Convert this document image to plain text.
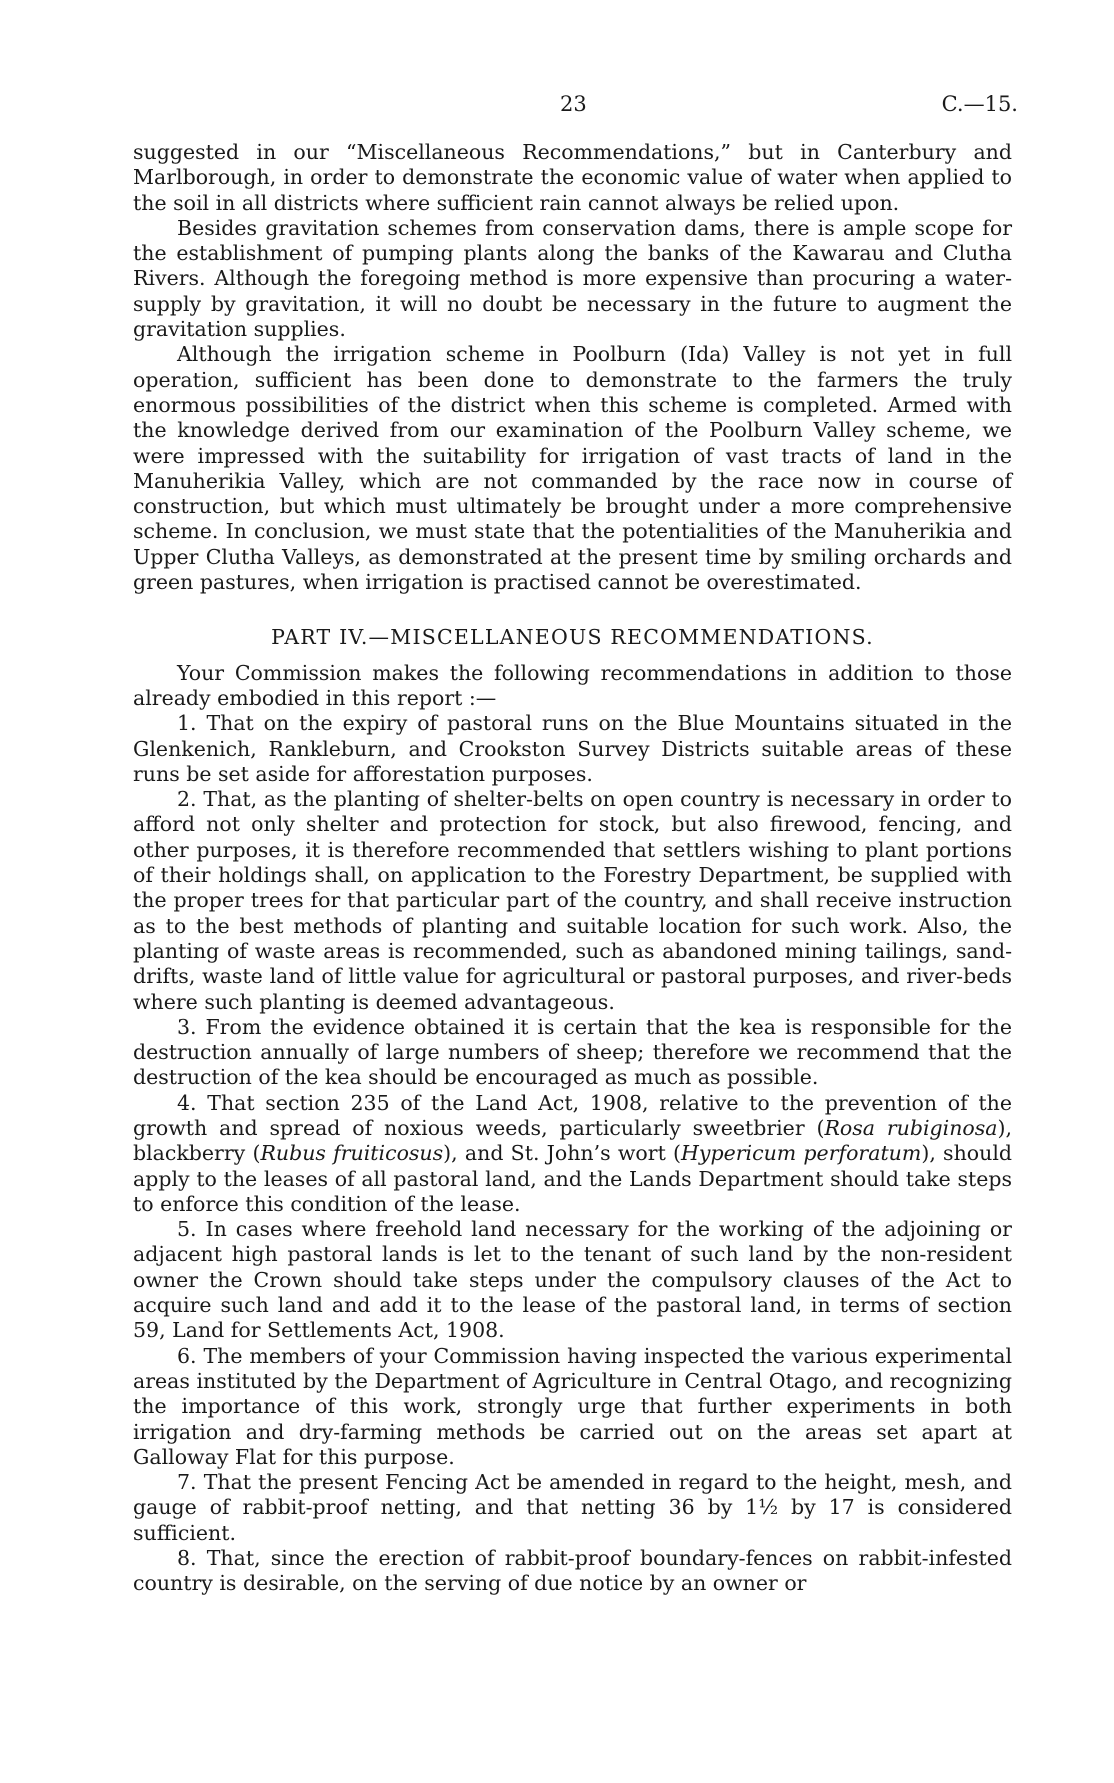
23	C.—15.

suggested in our “Miscellaneous Recommendations,” but in Canterbury and Marlborough, in order to demonstrate the economic value of water when applied to the soil in all districts where sufficient rain cannot always be relied upon.

Besides gravitation schemes from conservation dams, there is ample scope for the establishment of pumping plants along the banks of the Kawarau and Clutha Rivers. Although the foregoing method is more expensive than procuring a water-supply by gravitation, it will no doubt be necessary in the future to augment the gravitation supplies.

Although the irrigation scheme in Poolburn (Ida) Valley is not yet in full operation, sufficient has been done to demonstrate to the farmers the truly enormous possibilities of the district when this scheme is completed. Armed with the knowledge derived from our examination of the Poolburn Valley scheme, we were impressed with the suitability for irrigation of vast tracts of land in the Manuherikia Valley, which are not commanded by the race now in course of construction, but which must ultimately be brought under a more comprehensive scheme. In conclusion, we must state that the potentialities of the Manuherikia and Upper Clutha Valleys, as demonstrated at the present time by smiling orchards and green pastures, when irrigation is practised cannot be overestimated.

PART IV.—MISCELLANEOUS RECOMMENDATIONS.

Your Commission makes the following recommendations in addition to those already embodied in this report :—

1. That on the expiry of pastoral runs on the Blue Mountains situated in the Glenkenich, Rankleburn, and Crookston Survey Districts suitable areas of these runs be set aside for afforestation purposes.

2. That, as the planting of shelter-belts on open country is necessary in order to afford not only shelter and protection for stock, but also firewood, fencing, and other purposes, it is therefore recommended that settlers wishing to plant portions of their holdings shall, on application to the Forestry Department, be supplied with the proper trees for that particular part of the country, and shall receive instruction as to the best methods of planting and suitable location for such work. Also, the planting of waste areas is recommended, such as abandoned mining tailings, sand-drifts, waste land of little value for agricultural or pastoral purposes, and river-beds where such planting is deemed advantageous.

3. From the evidence obtained it is certain that the kea is responsible for the destruction annually of large numbers of sheep; therefore we recommend that the destruction of the kea should be encouraged as much as possible.

4. That section 235 of the Land Act, 1908, relative to the prevention of the growth and spread of noxious weeds, particularly sweetbrier (Rosa rubiginosa), blackberry (Rubus fruiticosus), and St. John’s wort (Hypericum perforatum), should apply to the leases of all pastoral land, and the Lands Department should take steps to enforce this condition of the lease.

5. In cases where freehold land necessary for the working of the adjoining or adjacent high pastoral lands is let to the tenant of such land by the non-resident owner the Crown should take steps under the compulsory clauses of the Act to acquire such land and add it to the lease of the pastoral land, in terms of section 59, Land for Settlements Act, 1908.

6. The members of your Commission having inspected the various experimental areas instituted by the Department of Agriculture in Central Otago, and recognizing the importance of this work, strongly urge that further experiments in both irrigation and dry-farming methods be carried out on the areas set apart at Galloway Flat for this purpose.

7. That the present Fencing Act be amended in regard to the height, mesh, and gauge of rabbit-proof netting, and that netting 36 by 1½ by 17 is considered sufficient.

8. That, since the erection of rabbit-proof boundary-fences on rabbit-infested country is desirable, on the serving of due notice by an owner or
